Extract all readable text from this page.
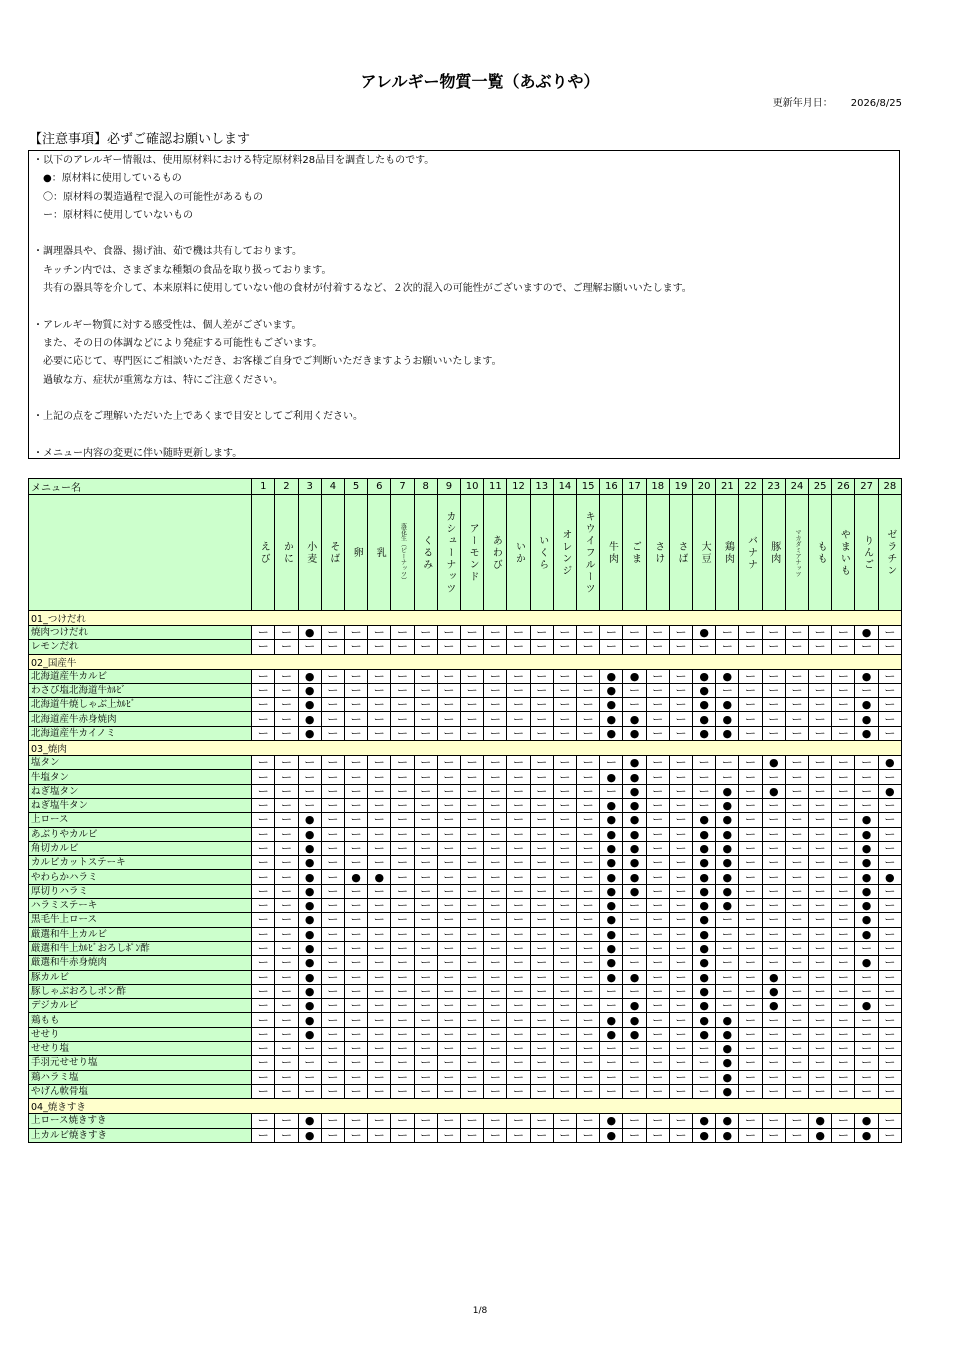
アレルギー物質一覧（あぶりや）
更新年月日： 2026/8/25
【注意事項】必ずご確認お願いします
・以下のアレルギー情報は、使用原材料における特定原材料28品目を調査したものです。
　●：原材料に使用しているもの
　〇：原材料の製造過程で混入の可能性があるもの
　ー：原材料に使用していないもの
・調理器具や、食器、揚げ油、茹で機は共有しております。
　キッチン内では、さまざまな種類の食品を取り扱っております。
　共有の器具等を介して、本来原料に使用していない他の食材が付着するなど、２次的混入の可能性がございますので、ご理解お願いいたします。
・アレルギー物質に対する感受性は、個人差がございます。
　また、その日の体調などにより発症する可能性もございます。
　必要に応じて、専門医にご相談いただき、お客様ご自身でご判断いただきますようお願いいたします。
　過敏な方、症状が重篤な方は、特にご注意ください。
・上記の点をご理解いただいた上であくまで目安としてご利用ください。
・メニュー内容の変更に伴い随時更新します。
メニュー名	1	2	3	4	5	6	7	8	9	10	11	12	13	14	15	16	17	18	19	20	21	22	23	24	25	26	27	28

	えび	かに	小麦	そば	卵	乳	落花生（ピーナッツ）	くるみ	カシューナッツ	アーモンド	あわび	いか	いくら	オレンジ	キウイフルーツ	牛肉	ごま	さけ	さば	大豆	鶏肉	バナナ	豚肉	マカダミアナッツ	もも	やまいも	りんご	ゼラチン

01_つけだれ																												
焼肉つけだれ	ー	ー	●	ー	ー	ー	ー	ー	ー	ー	ー	ー	ー	ー	ー	ー	ー	ー	ー	●	ー	ー	ー	ー	ー	ー	●	ー
レモンだれ	ー	ー	ー	ー	ー	ー	ー	ー	ー	ー	ー	ー	ー	ー	ー	ー	ー	ー	ー	ー	ー	ー	ー	ー	ー	ー	ー	ー
02_国産牛																												
北海道産牛カルビ	ー	ー	●	ー	ー	ー	ー	ー	ー	ー	ー	ー	ー	ー	ー	●	●	ー	ー	●	●	ー	ー	ー	ー	ー	●	ー
わさび塩北海道牛ｶﾙﾋﾞ	ー	ー	●	ー	ー	ー	ー	ー	ー	ー	ー	ー	ー	ー	ー	●	ー	ー	ー	●	ー	ー	ー	ー	ー	ー	ー	ー
北海道牛焼しゃぶ上ｶﾙﾋﾞ	ー	ー	●	ー	ー	ー	ー	ー	ー	ー	ー	ー	ー	ー	ー	●	ー	ー	ー	●	●	ー	ー	ー	ー	ー	●	ー
北海道産牛赤身焼肉	ー	ー	●	ー	ー	ー	ー	ー	ー	ー	ー	ー	ー	ー	ー	●	●	ー	ー	●	●	ー	ー	ー	ー	ー	●	ー
北海道産牛カイノミ	ー	ー	●	ー	ー	ー	ー	ー	ー	ー	ー	ー	ー	ー	ー	●	●	ー	ー	●	●	ー	ー	ー	ー	ー	●	ー
03_焼肉																												
塩タン	ー	ー	ー	ー	ー	ー	ー	ー	ー	ー	ー	ー	ー	ー	ー	ー	●	ー	ー	ー	ー	ー	●	ー	ー	ー	ー	●
牛塩タン	ー	ー	ー	ー	ー	ー	ー	ー	ー	ー	ー	ー	ー	ー	ー	●	●	ー	ー	ー	ー	ー	ー	ー	ー	ー	ー	ー
ねぎ塩タン	ー	ー	ー	ー	ー	ー	ー	ー	ー	ー	ー	ー	ー	ー	ー	ー	●	ー	ー	ー	●	ー	●	ー	ー	ー	ー	●
ねぎ塩牛タン	ー	ー	ー	ー	ー	ー	ー	ー	ー	ー	ー	ー	ー	ー	ー	●	●	ー	ー	ー	●	ー	ー	ー	ー	ー	ー	ー
上ロース	ー	ー	●	ー	ー	ー	ー	ー	ー	ー	ー	ー	ー	ー	ー	●	●	ー	ー	●	●	ー	ー	ー	ー	ー	●	ー
あぶりやカルビ	ー	ー	●	ー	ー	ー	ー	ー	ー	ー	ー	ー	ー	ー	ー	●	●	ー	ー	●	●	ー	ー	ー	ー	ー	●	ー
角切カルビ	ー	ー	●	ー	ー	ー	ー	ー	ー	ー	ー	ー	ー	ー	ー	●	●	ー	ー	●	●	ー	ー	ー	ー	ー	●	ー
カルビカットステーキ	ー	ー	●	ー	ー	ー	ー	ー	ー	ー	ー	ー	ー	ー	ー	●	●	ー	ー	●	●	ー	ー	ー	ー	ー	●	ー
やわらかハラミ	ー	ー	●	ー	●	●	ー	ー	ー	ー	ー	ー	ー	ー	ー	●	●	ー	ー	●	●	ー	ー	ー	ー	ー	●	●
厚切りハラミ	ー	ー	●	ー	ー	ー	ー	ー	ー	ー	ー	ー	ー	ー	ー	●	●	ー	ー	●	●	ー	ー	ー	ー	ー	●	ー
ハラミステーキ	ー	ー	●	ー	ー	ー	ー	ー	ー	ー	ー	ー	ー	ー	ー	●	ー	ー	ー	●	●	ー	ー	ー	ー	ー	●	ー
黒毛牛上ロース	ー	ー	●	ー	ー	ー	ー	ー	ー	ー	ー	ー	ー	ー	ー	●	ー	ー	ー	●	ー	ー	ー	ー	ー	ー	●	ー
厳選和牛上カルビ	ー	ー	●	ー	ー	ー	ー	ー	ー	ー	ー	ー	ー	ー	ー	●	ー	ー	ー	●	ー	ー	ー	ー	ー	ー	●	ー
厳選和牛上ｶﾙﾋﾞおろしﾎﾟﾝ酢	ー	ー	●	ー	ー	ー	ー	ー	ー	ー	ー	ー	ー	ー	ー	●	ー	ー	ー	●	ー	ー	ー	ー	ー	ー	ー	ー
厳選和牛赤身焼肉	ー	ー	●	ー	ー	ー	ー	ー	ー	ー	ー	ー	ー	ー	ー	●	ー	ー	ー	●	ー	ー	ー	ー	ー	ー	●	ー
豚カルビ	ー	ー	●	ー	ー	ー	ー	ー	ー	ー	ー	ー	ー	ー	ー	●	●	ー	ー	●	ー	ー	●	ー	ー	ー	ー	ー
豚しゃぶおろしポン酢	ー	ー	●	ー	ー	ー	ー	ー	ー	ー	ー	ー	ー	ー	ー	ー	ー	ー	ー	●	ー	ー	●	ー	ー	ー	ー	ー
デジカルビ	ー	ー	●	ー	ー	ー	ー	ー	ー	ー	ー	ー	ー	ー	ー	ー	●	ー	ー	●	ー	ー	●	ー	ー	ー	●	ー
鶏もも	ー	ー	●	ー	ー	ー	ー	ー	ー	ー	ー	ー	ー	ー	ー	●	●	ー	ー	●	●	ー	ー	ー	ー	ー	ー	ー
せせり	ー	ー	●	ー	ー	ー	ー	ー	ー	ー	ー	ー	ー	ー	ー	●	●	ー	ー	●	●	ー	ー	ー	ー	ー	ー	ー
せせり塩	ー	ー	ー	ー	ー	ー	ー	ー	ー	ー	ー	ー	ー	ー	ー	ー	ー	ー	ー	ー	●	ー	ー	ー	ー	ー	ー	ー
手羽元せせり塩	ー	ー	ー	ー	ー	ー	ー	ー	ー	ー	ー	ー	ー	ー	ー	ー	ー	ー	ー	ー	●	ー	ー	ー	ー	ー	ー	ー
鶏ハラミ塩	ー	ー	ー	ー	ー	ー	ー	ー	ー	ー	ー	ー	ー	ー	ー	ー	ー	ー	ー	ー	●	ー	ー	ー	ー	ー	ー	ー
やげん軟骨塩	ー	ー	ー	ー	ー	ー	ー	ー	ー	ー	ー	ー	ー	ー	ー	ー	ー	ー	ー	ー	●	ー	ー	ー	ー	ー	ー	ー
04_焼きすき																												
上ロース焼きすき	ー	ー	●	ー	ー	ー	ー	ー	ー	ー	ー	ー	ー	ー	ー	●	ー	ー	ー	●	●	ー	ー	ー	●	ー	●	ー
上カルビ焼きすき	ー	ー	●	ー	ー	ー	ー	ー	ー	ー	ー	ー	ー	ー	ー	●	ー	ー	ー	●	●	ー	ー	ー	●	ー	●	ー
1/8
